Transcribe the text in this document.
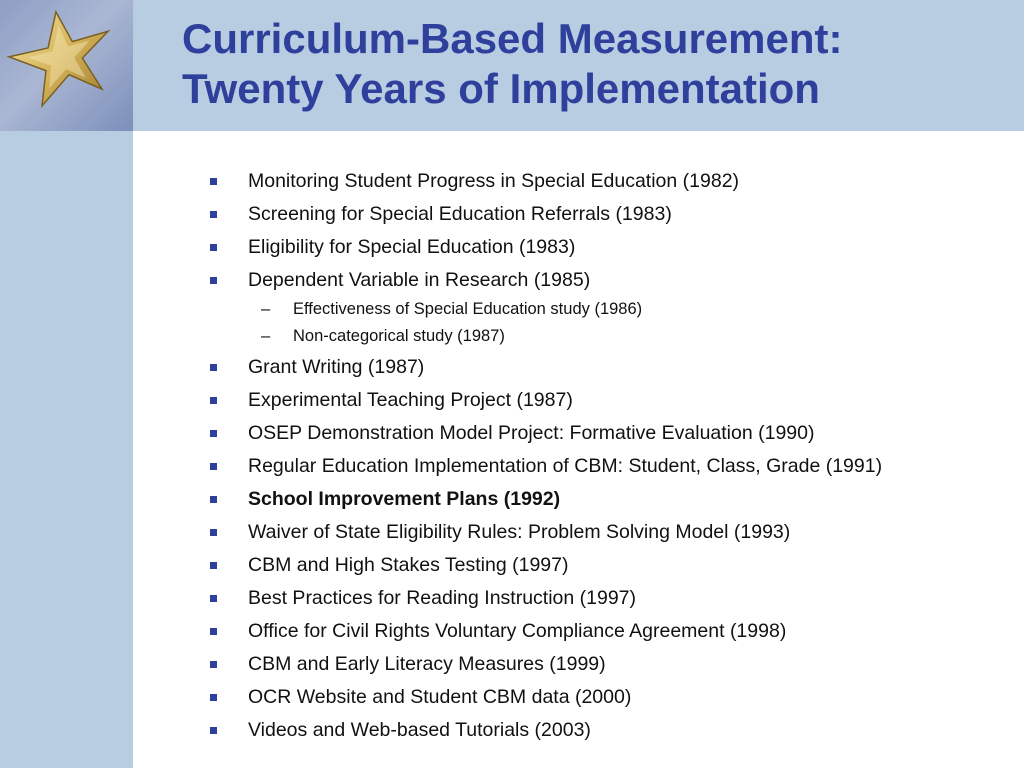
Curriculum-Based Measurement:
Twenty Years of Implementation
Monitoring Student Progress in Special Education (1982)
Screening for Special Education Referrals (1983)
Eligibility for Special Education (1983)
Dependent Variable in Research (1985)
– Effectiveness of Special Education study (1986)
– Non-categorical study (1987)
Grant Writing (1987)
Experimental Teaching Project (1987)
OSEP Demonstration Model Project: Formative Evaluation (1990)
Regular Education Implementation of CBM: Student, Class, Grade (1991)
School Improvement Plans (1992)
Waiver of State Eligibility Rules: Problem Solving Model (1993)
CBM and High Stakes Testing (1997)
Best Practices for Reading Instruction (1997)
Office for Civil Rights Voluntary Compliance Agreement (1998)
CBM and Early Literacy Measures (1999)
OCR Website and Student CBM data (2000)
Videos and Web-based Tutorials (2003)
